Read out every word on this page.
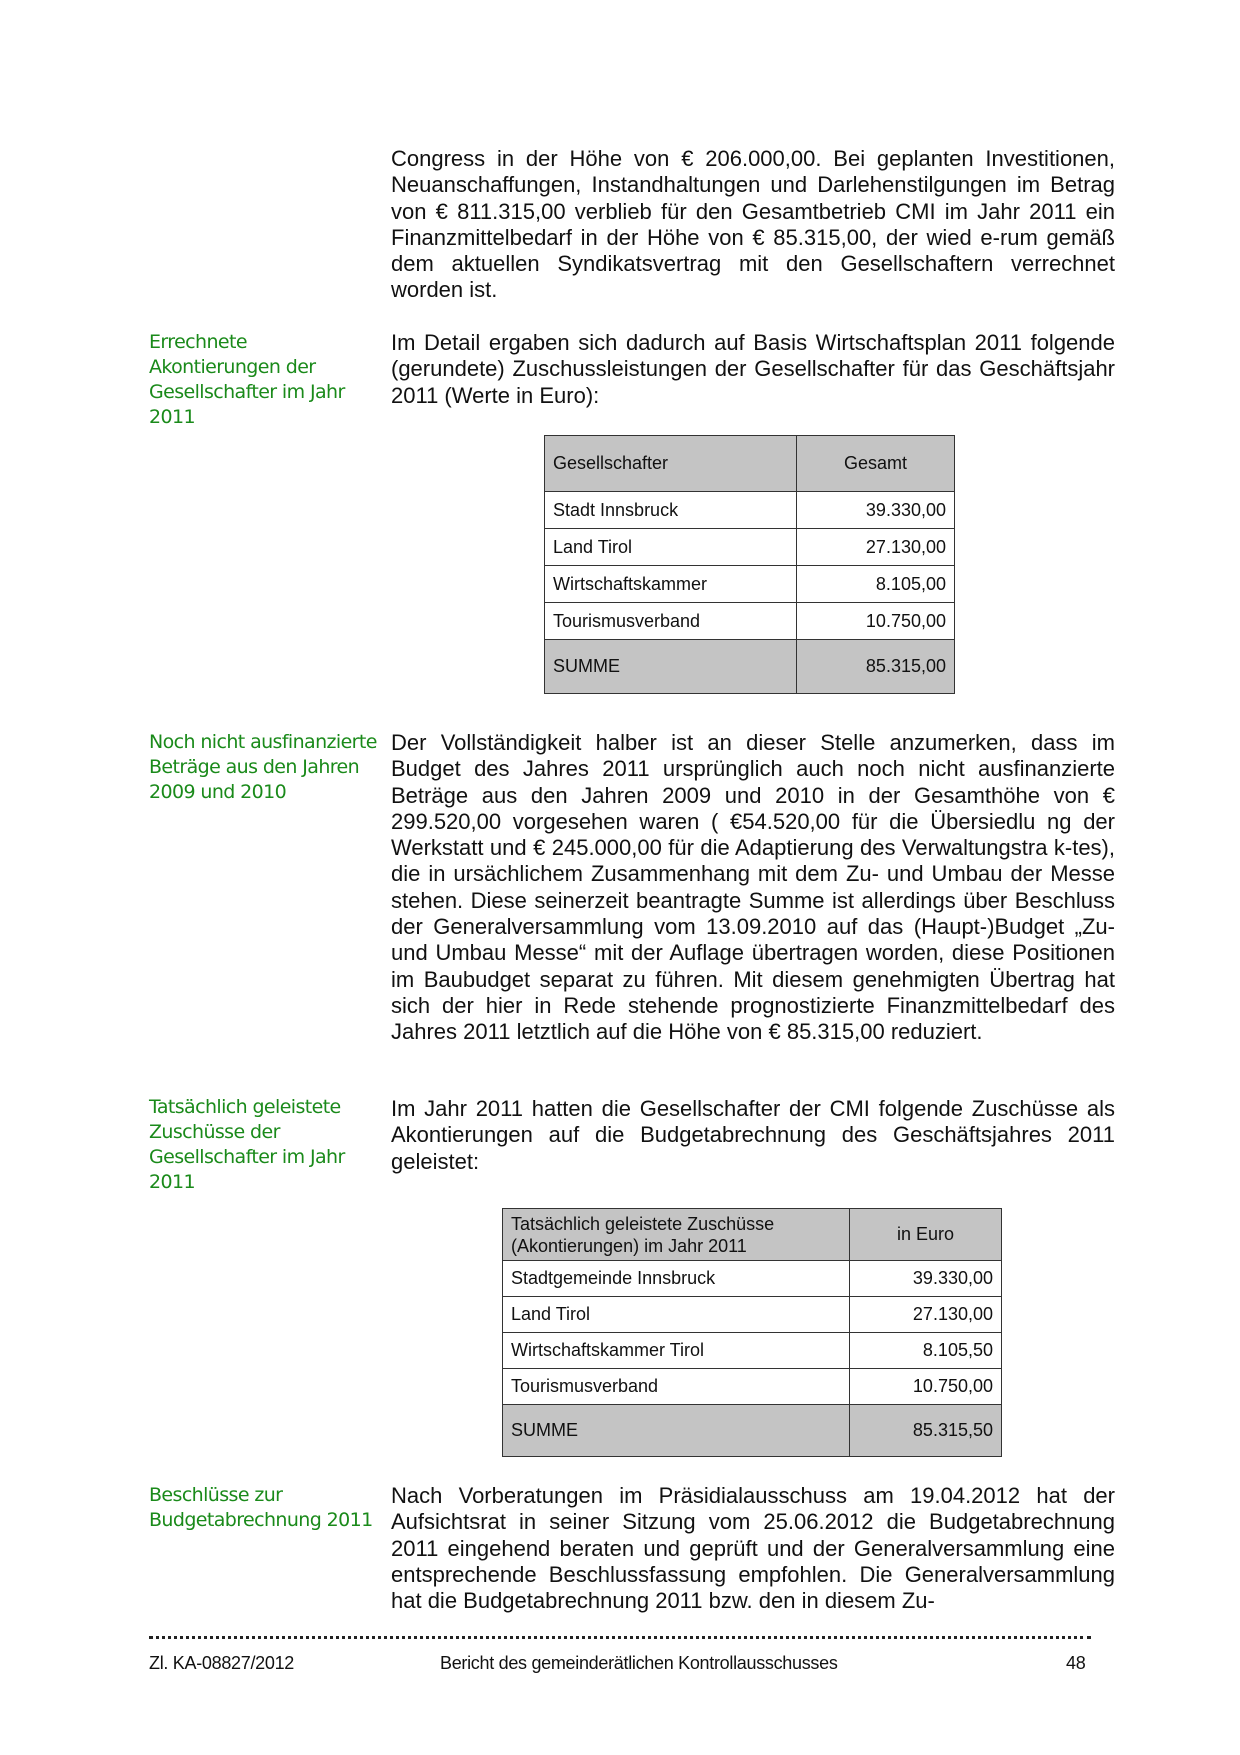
Congress in der Höhe von € 206.000,00. Bei geplanten Investitionen, Neuanschaffungen, Instandhaltungen und Darlehenstilgungen im Betrag von € 811.315,00 verblieb für den Gesamtbetrieb CMI im Jahr 2011 ein Finanzmittelbedarf in der Höhe von € 85.315,00, der wied e-rum gemäß dem aktuellen Syndikatsvertrag mit den Gesellschaftern verrechnet worden ist.
Errechnete Akontierungen der Gesellschafter im Jahr 2011
Im Detail ergaben sich dadurch auf Basis Wirtschaftsplan 2011 folgende (gerundete) Zuschussleistungen der Gesellschafter für das Geschäftsjahr 2011 (Werte in Euro):
Gesellschafter	Gesamt
Stadt Innsbruck	39.330,00
Land Tirol	27.130,00
Wirtschaftskammer	8.105,00
Tourismusverband	10.750,00
SUMME	85.315,00
Noch nicht ausfinanzierte Beträge aus den Jahren 2009 und 2010
Der Vollständigkeit halber ist an dieser Stelle anzumerken, dass im Budget des Jahres 2011 ursprünglich auch noch nicht ausfinanzierte Beträge aus den Jahren 2009 und 2010 in der Gesamthöhe von € 299.520,00 vorgesehen waren ( €54.520,00 für die Übersiedlu ng der Werkstatt und € 245.000,00 für die Adaptierung des Verwaltungstra k-tes), die in ursächlichem Zusammenhang mit dem Zu- und Umbau der Messe stehen. Diese seinerzeit beantragte Summe ist allerdings über Beschluss der Generalversammlung vom 13.09.2010 auf das (Haupt-)Budget „Zu- und Umbau Messe“ mit der Auflage übertragen worden, diese Positionen im Baubudget separat zu führen. Mit diesem genehmigten Übertrag hat sich der hier in Rede stehende prognostizierte Finanzmittelbedarf des Jahres 2011 letztlich auf die Höhe von € 85.315,00 reduziert.
Tatsächlich geleistete Zuschüsse der Gesellschafter im Jahr 2011
Im Jahr 2011 hatten die Gesellschafter der CMI folgende Zuschüsse als Akontierungen auf die Budgetabrechnung des Geschäftsjahres 2011 geleistet:
Tatsächlich geleistete Zuschüsse (Akontierungen) im Jahr 2011	in Euro
Stadtgemeinde Innsbruck	39.330,00
Land Tirol	27.130,00
Wirtschaftskammer Tirol	8.105,50
Tourismusverband	10.750,00
SUMME	85.315,50
Beschlüsse zur Budgetabrechnung 2011
Nach Vorberatungen im Präsidialausschuss am 19.04.2012 hat der Aufsichtsrat in seiner Sitzung vom 25.06.2012 die Budgetabrechnung 2011 eingehend beraten und geprüft und der Generalversammlung eine entsprechende Beschlussfassung empfohlen. Die Generalversammlung hat die Budgetabrechnung 2011 bzw. den in diesem Zu-
Zl. KA-08827/2012	Bericht des gemeinderätlichen Kontrollausschusses	48
